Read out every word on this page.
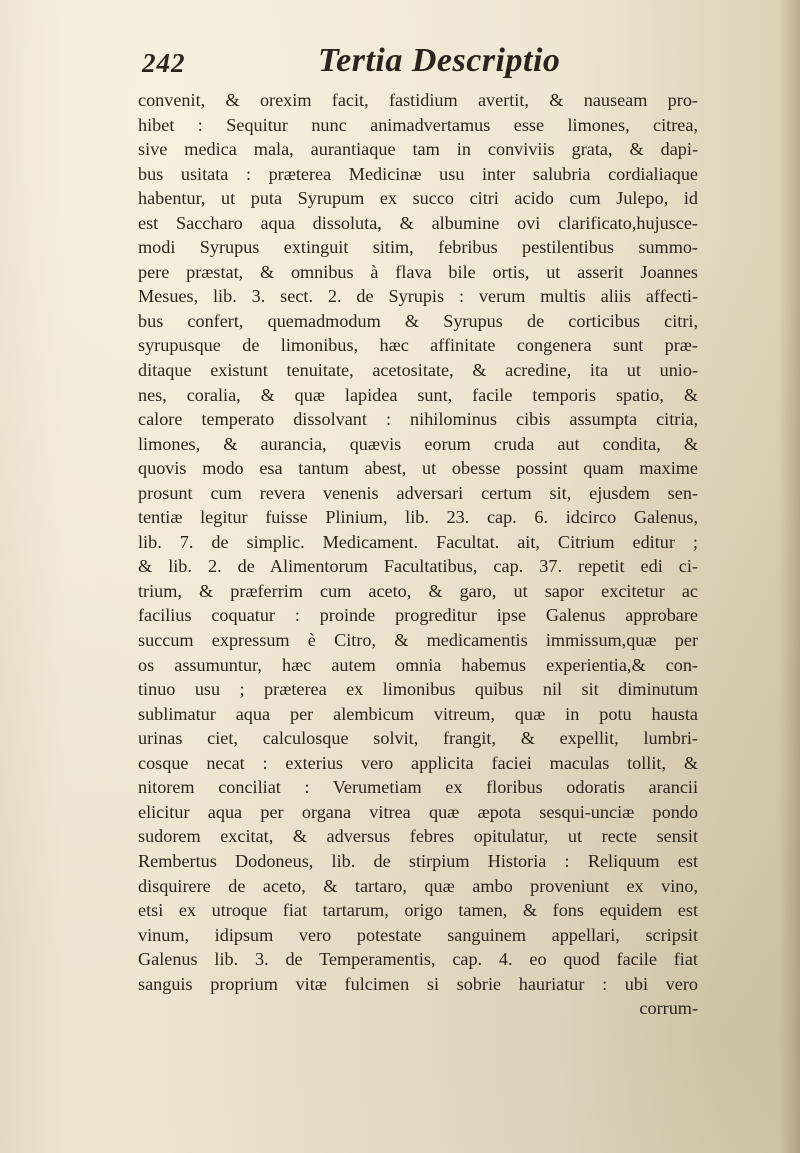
242	Tertia Descriptio
convenit, & orexim facit, fastidium avertit, & nauseam pro-
hibet : Sequitur nunc animadvertamus esse limones, citrea,
sive medica mala, aurantiaque tam in conviviis grata, & dapi-
bus usitata : præterea Medicinæ usu inter salubria cordialiaque
habentur, ut puta Syrupum ex succo citri acido cum Julepo, id
est Saccharo aqua dissoluta, & albumine ovi clarificato,hujusce-
modi Syrupus extinguit sitim, febribus pestilentibus summo-
pere præstat, & omnibus à flava bile ortis, ut asserit Joannes
Mesues, lib. 3. sect. 2. de Syrupis : verum multis aliis affecti-
bus confert, quemadmodum & Syrupus de corticibus citri,
syrupusque de limonibus, hæc affinitate congenera sunt præ-
ditaque existunt tenuitate, acetositate, & acredine, ita ut unio-
nes, coralia, & quæ lapidea sunt, facile temporis spatio, &
calore temperato dissolvant : nihilominus cibis assumpta citria,
limones, & aurancia, quævis eorum cruda aut condita, &
quovis modo esa tantum abest, ut obesse possint quam maxime
prosunt cum revera venenis adversari certum sit, ejusdem sen-
tentiæ legitur fuisse Plinium, lib. 23. cap. 6. idcirco Galenus,
lib. 7. de simplic. Medicament. Facultat. ait, Citrium editur ;
& lib. 2. de Alimentorum Facultatibus, cap. 37. repetit edi ci-
trium, & præferrim cum aceto, & garo, ut sapor excitetur ac
facilius coquatur : proinde progreditur ipse Galenus approbare
succum expressum è Citro, & medicamentis immissum,quæ per
os assumuntur, hæc autem omnia habemus experientia,& con-
tinuo usu ; præterea ex limonibus quibus nil sit diminutum
sublimatur aqua per alembicum vitreum, quæ in potu hausta
urinas ciet, calculosque solvit, frangit, & expellit, lumbri-
cosque necat : exterius vero applicita faciei maculas tollit, &
nitorem conciliat : Verumetiam ex floribus odoratis arancii
elicitur aqua per organa vitrea quæ æpota sesqui-unciæ pondo
sudorem excitat, & adversus febres opitulatur, ut recte sensit
Rembertus Dodoneus, lib. de stirpium Historia : Reliquum est
disquirere de aceto, & tartaro, quæ ambo proveniunt ex vino,
etsi ex utroque fiat tartarum, origo tamen, & fons equidem est
vinum, idipsum vero potestate sanguinem appellari, scripsit
Galenus lib. 3. de Temperamentis, cap. 4. eo quod facile fiat
sanguis proprium vitæ fulcimen si sobrie hauriatur : ubi vero
corrum-
